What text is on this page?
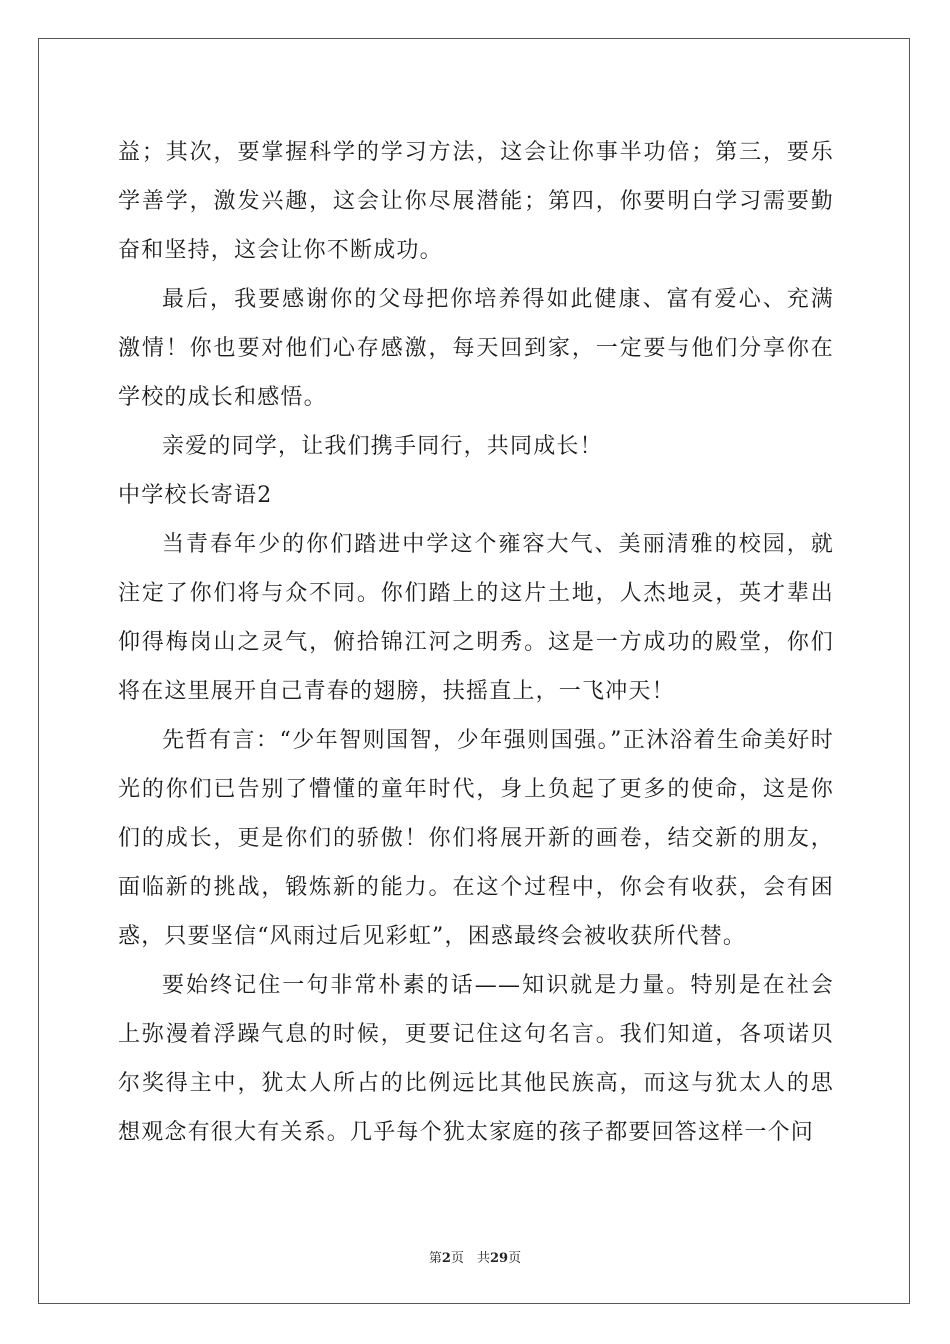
益；其次，要掌握科学的学习方法，这会让你事半功倍；第三，要乐学善学，激发兴趣，这会让你尽展潜能；第四，你要明白学习需要勤奋和坚持，这会让你不断成功。

最后，我要感谢你的父母把你培养得如此健康、富有爱心、充满激情！你也要对他们心存感激，每天回到家，一定要与他们分享你在学校的成长和感悟。

亲爱的同学，让我们携手同行，共同成长！

中学校长寄语2

当青春年少的你们踏进中学这个雍容大气、美丽清雅的校园，就注定了你们将与众不同。你们踏上的这片土地，人杰地灵，英才辈出仰得梅岗山之灵气，俯拾锦江河之明秀。这是一方成功的殿堂，你们将在这里展开自己青春的翅膀，扶摇直上，一飞冲天！

先哲有言：“少年智则国智，少年强则国强。”正沐浴着生命美好时光的你们已告别了懵懂的童年时代，身上负起了更多的使命，这是你们的成长，更是你们的骄傲！你们将展开新的画卷，结交新的朋友，面临新的挑战，锻炼新的能力。在这个过程中，你会有收获，会有困惑，只要坚信“风雨过后见彩虹”，困惑最终会被收获所代替。

要始终记住一句非常朴素的话——知识就是力量。特别是在社会上弥漫着浮躁气息的时候，更要记住这句名言。我们知道，各项诺贝尔奖得主中，犹太人所占的比例远比其他民族高，而这与犹太人的思想观念有很大有关系。几乎每个犹太家庭的孩子都要回答这样一个问

第2页　共29页
